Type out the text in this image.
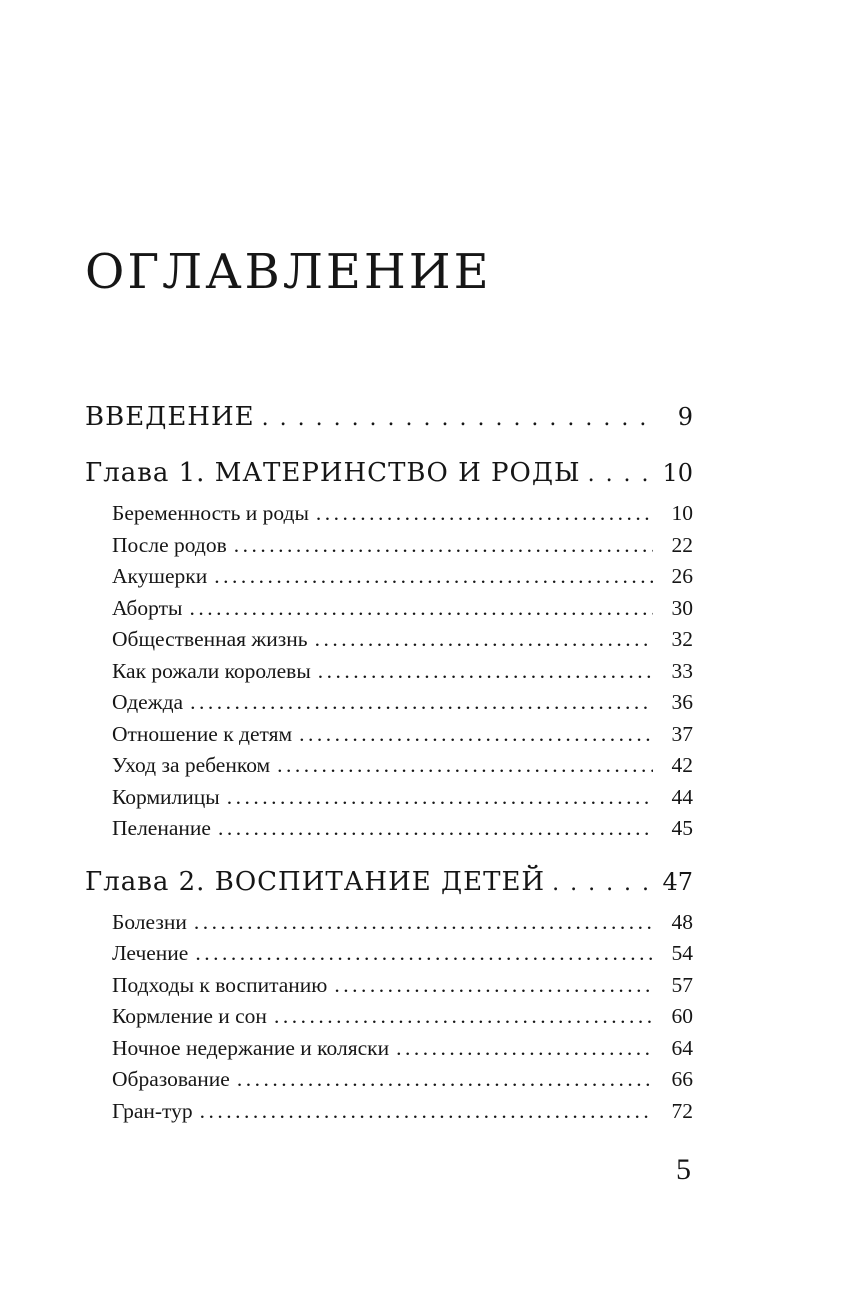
ОГЛАВЛЕНИЕ
ВВЕДЕНИЕ . . .	9
Глава 1. МАТЕРИНСТВО И РОДЫ . . .	10
Беременность и роды .....	10
После родов .....	22
Акушерки .....	26
Аборты .....	30
Общественная жизнь .....	32
Как рожали королевы .....	33
Одежда .....	36
Отношение к детям .....	37
Уход за ребенком .....	42
Кормилицы .....	44
Пеленание .....	45
Глава 2. ВОСПИТАНИЕ ДЕТЕЙ . . .	47
Болезни .....	48
Лечение .....	54
Подходы к воспитанию .....	57
Кормление и сон .....	60
Ночное недержание и коляски .....	64
Образование .....	66
Гран-тур .....	72
5
